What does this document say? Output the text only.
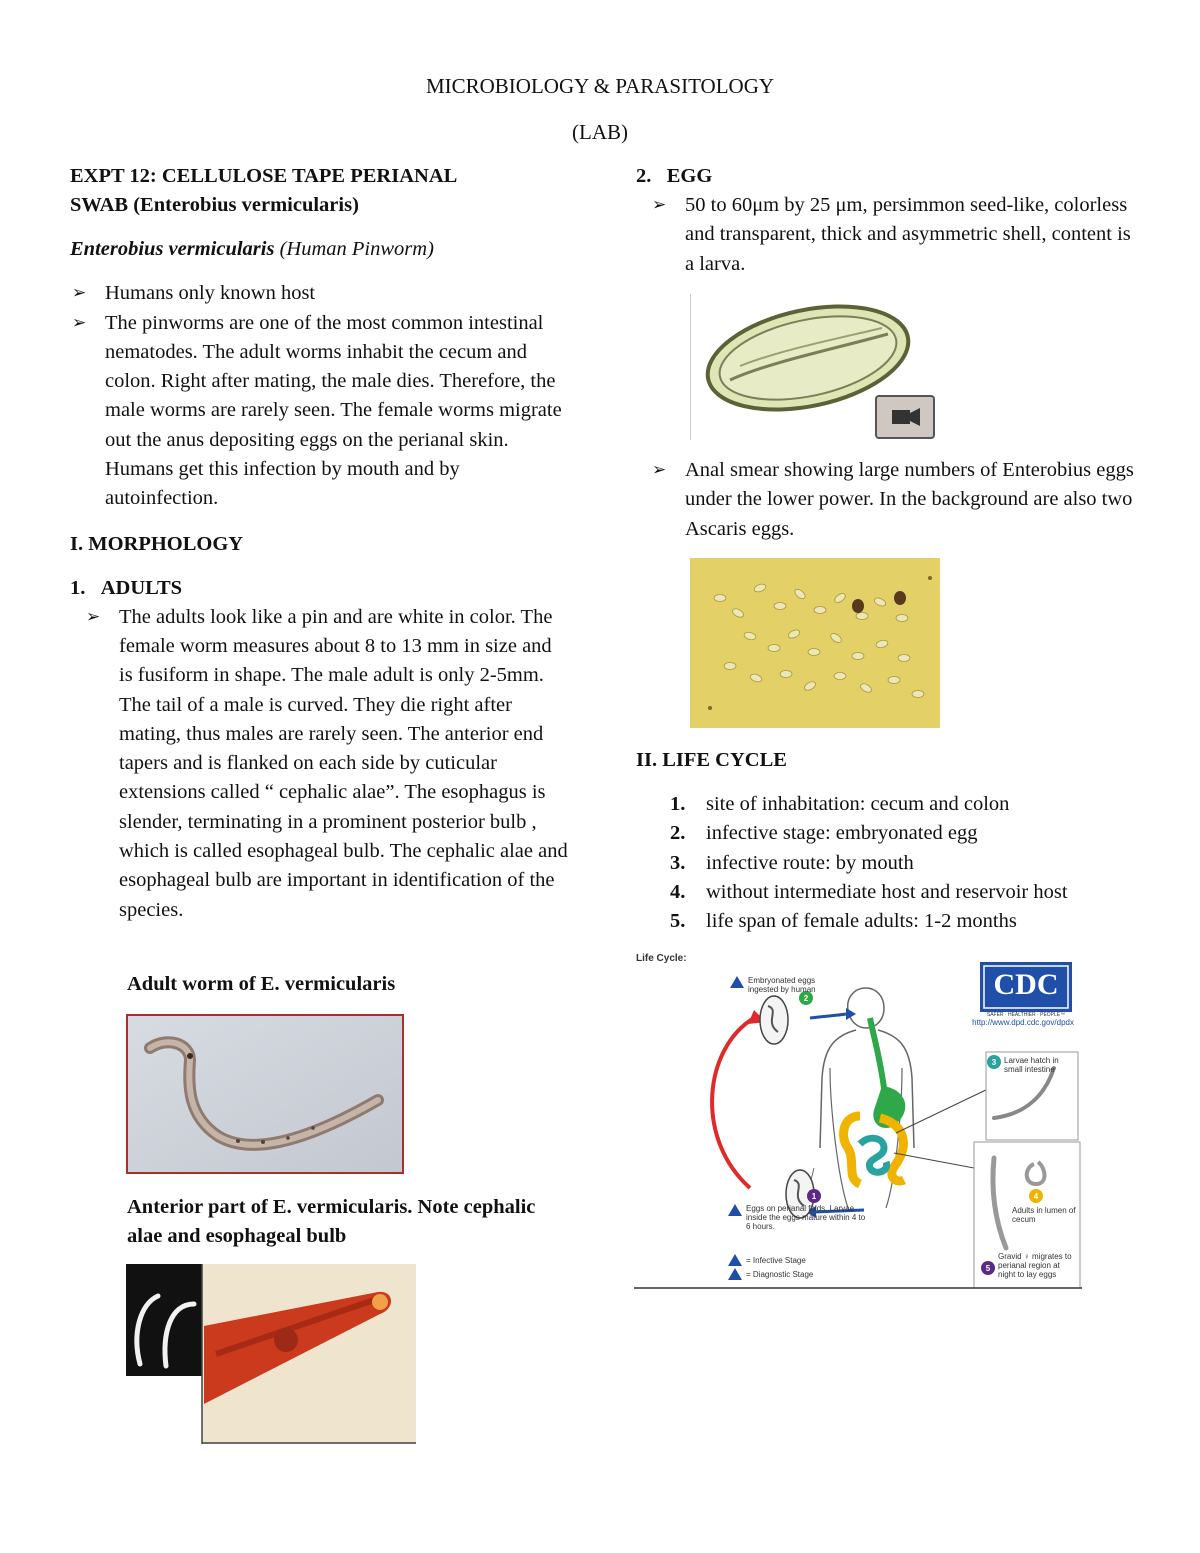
MICROBIOLOGY & PARASITOLOGY
(LAB)

EXPT 12: CELLULOSE TAPE PERIANAL

SWAB (Enterobius vermicularis)

Enterobius vermicularis (Human Pinworm)

➢ Humans only known host
➢ The pinworms are one of the most common intestinal nematodes. The adult worms inhabit the cecum and colon. Right after mating, the male dies. Therefore, the male worms are rarely seen. The female worms migrate out the anus depositing eggs on the perianal skin. Humans get this infection by mouth and by autoinfection.

I. MORPHOLOGY

1. ADULTS

➢ The adults look like a pin and are white in color. The female worm measures about 8 to 13 mm in size and is fusiform in shape. The male adult is only 2-5mm. The tail of a male is curved. They die right after mating, thus males are rarely seen. The anterior end tapers and is flanked on each side by cuticular extensions called “ cephalic alae”. The esophagus is slender, terminating in a prominent posterior bulb , which is called esophageal bulb. The cephalic alae and esophageal bulb are important in identification of the species.
Adult worm of E. vermicularis
Anterior part of E. vermicularis. Note cephalic alae and esophageal bulb

2. EGG

➢ 50 to 60μm by 25 μm, persimmon seed-like, colorless and transparent, thick and asymmetric shell, content is a larva.
➢ Anal smear showing large numbers of Enterobius eggs under the lower power. In the background are also two Ascaris eggs.

II. LIFE CYCLE

1. site of inhabitation: cecum and colon
2. infective stage: embryonated egg
3. infective route: by mouth
4. without intermediate host and reservoir host
5. life span of female adults: 1-2 months
Life Cycle:
CDC
SAFER · HEALTHIER · PEOPLE™
http://www.dpd.cdc.gov/dpdx
Embryonated eggs ingested by human
2
Larvae hatch in small intestine
3
Adults in lumen of cecum
4
Gravid ♀ migrates to perianal region at night to lay eggs
5
Eggs on perianal folds. Larvae inside the eggs mature within 4 to 6 hours.
1
= Infective Stage
= Diagnostic Stage
